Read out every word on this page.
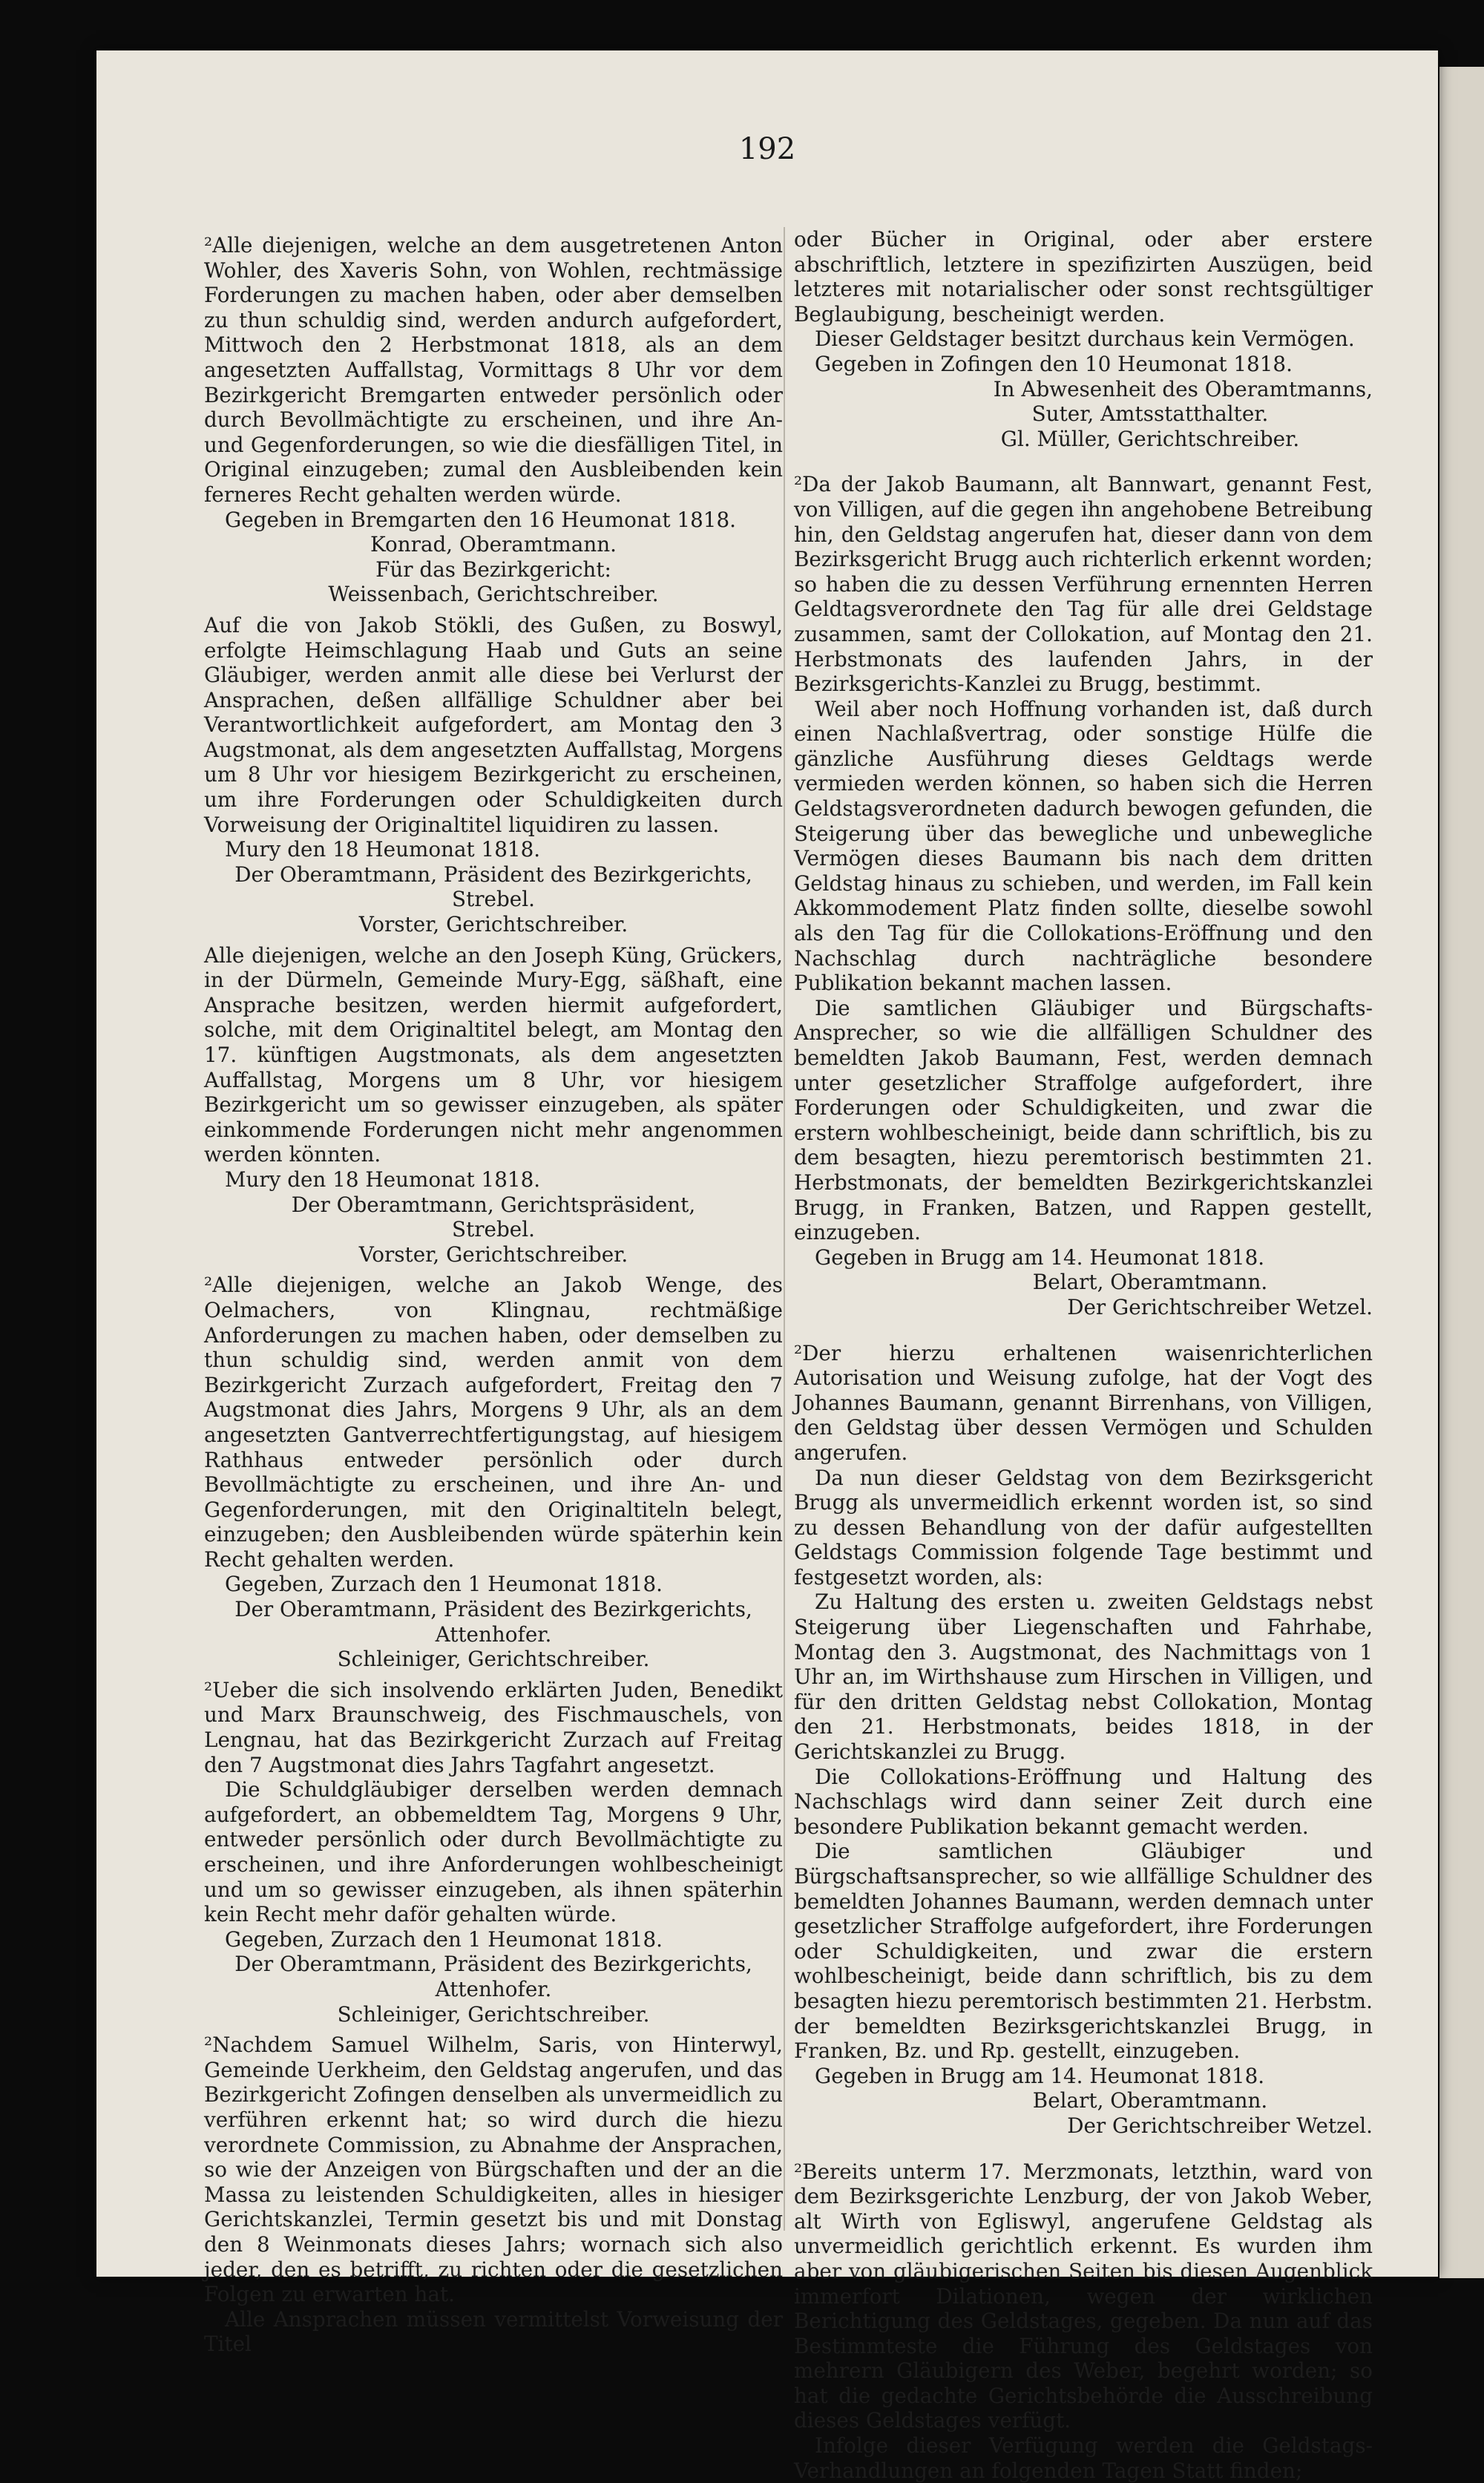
192

²Alle diejenigen, welche an dem ausgetretenen Anton Wohler, des Xaveris Sohn, von Wohlen, rechtmässige Forderungen zu machen haben, oder aber demselben zu thun schuldig sind, werden andurch aufgefordert, Mittwoch den 2 Herbstmonat 1818, als an dem angesetzten Auffallstag, Vormittags 8 Uhr vor dem Bezirkgericht Bremgarten entweder persönlich oder durch Bevollmächtigte zu erscheinen, und ihre An- und Gegenforderungen, so wie die diesfälligen Titel, in Original einzugeben; zumal den Ausbleibenden kein ferneres Recht gehalten werden würde.

Gegeben in Bremgarten den 16 Heumonat 1818.

Konrad, Oberamtmann.

Für das Bezirkgericht:

Weissenbach, Gerichtschreiber.

Auf die von Jakob Stökli, des Gußen, zu Boswyl, erfolgte Heimschlagung Haab und Guts an seine Gläubiger, werden anmit alle diese bei Verlurst der Ansprachen, deßen allfällige Schuldner aber bei Verantwortlichkeit aufgefordert, am Montag den 3 Augstmonat, als dem angesetzten Auffallstag, Morgens um 8 Uhr vor hiesigem Bezirkgericht zu erscheinen, um ihre Forderungen oder Schuldigkeiten durch Vorweisung der Originaltitel liquidiren zu lassen.

Mury den 18 Heumonat 1818.

Der Oberamtmann, Präsident des Bezirkgerichts,

Strebel.

Vorster, Gerichtschreiber.

Alle diejenigen, welche an den Joseph Küng, Grückers, in der Dürmeln, Gemeinde Mury-Egg, säßhaft, eine Ansprache besitzen, werden hiermit aufgefordert, solche, mit dem Originaltitel belegt, am Montag den 17. künftigen Augstmonats, als dem angesetzten Auffallstag, Morgens um 8 Uhr, vor hiesigem Bezirkgericht um so gewisser einzugeben, als später einkommende Forderungen nicht mehr angenommen werden könnten.

Mury den 18 Heumonat 1818.

Der Oberamtmann, Gerichtspräsident,

Strebel.

Vorster, Gerichtschreiber.

²Alle diejenigen, welche an Jakob Wenge, des Oelmachers, von Klingnau, rechtmäßige Anforderungen zu machen haben, oder demselben zu thun schuldig sind, werden anmit von dem Bezirkgericht Zurzach aufgefordert, Freitag den 7 Augstmonat dies Jahrs, Morgens 9 Uhr, als an dem angesetzten Gantverrechtfertigungstag, auf hiesigem Rathhaus entweder persönlich oder durch Bevollmächtigte zu erscheinen, und ihre An- und Gegenforderungen, mit den Originaltiteln belegt, einzugeben; den Ausbleibenden würde späterhin kein Recht gehalten werden.

Gegeben, Zurzach den 1 Heumonat 1818.

Der Oberamtmann, Präsident des Bezirkgerichts,

Attenhofer.

Schleiniger, Gerichtschreiber.

²Ueber die sich insolvendo erklärten Juden, Benedikt und Marx Braunschweig, des Fischmauschels, von Lengnau, hat das Bezirkgericht Zurzach auf Freitag den 7 Augstmonat dies Jahrs Tagfahrt angesetzt.

Die Schuldgläubiger derselben werden demnach aufgefordert, an obbemeldtem Tag, Morgens 9 Uhr, entweder persönlich oder durch Bevollmächtigte zu erscheinen, und ihre Anforderungen wohlbescheinigt und um so gewisser einzugeben, als ihnen späterhin kein Recht mehr daför gehalten würde.

Gegeben, Zurzach den 1 Heumonat 1818.

Der Oberamtmann, Präsident des Bezirkgerichts,

Attenhofer.

Schleiniger, Gerichtschreiber.

²Nachdem Samuel Wilhelm, Saris, von Hinterwyl, Gemeinde Uerkheim, den Geldstag angerufen, und das Bezirkgericht Zofingen denselben als unvermeidlich zu verführen erkennt hat; so wird durch die hiezu verordnete Commission, zu Abnahme der Ansprachen, so wie der Anzeigen von Bürgschaften und der an die Massa zu leistenden Schuldigkeiten, alles in hiesiger Gerichtskanzlei, Termin gesetzt bis und mit Donstag den 8 Weinmonats dieses Jahrs; wornach sich also jeder, den es betrifft, zu richten oder die gesetzlichen Folgen zu erwarten hat.

Alle Ansprachen müssen vermittelst Vorweisung der Titel

oder Bücher in Original, oder aber erstere abschriftlich, letztere in spezifizirten Auszügen, beid letzteres mit notarialischer oder sonst rechtsgültiger Beglaubigung, bescheinigt werden.

Dieser Geldstager besitzt durchaus kein Vermögen.

Gegeben in Zofingen den 10 Heumonat 1818.

In Abwesenheit des Oberamtmanns,

Suter, Amtsstatthalter.

Gl. Müller, Gerichtschreiber.

²Da der Jakob Baumann, alt Bannwart, genannt Fest, von Villigen, auf die gegen ihn angehobene Betreibung hin, den Geldstag angerufen hat, dieser dann von dem Bezirksgericht Brugg auch richterlich erkennt worden; so haben die zu dessen Verführung ernennten Herren Geldtagsverordnete den Tag für alle drei Geldstage zusammen, samt der Collokation, auf Montag den 21. Herbstmonats des laufenden Jahrs, in der Bezirksgerichts-Kanzlei zu Brugg, bestimmt.

Weil aber noch Hoffnung vorhanden ist, daß durch einen Nachlaßvertrag, oder sonstige Hülfe die gänzliche Ausführung dieses Geldtags werde vermieden werden können, so haben sich die Herren Geldstagsverordneten dadurch bewogen gefunden, die Steigerung über das bewegliche und unbewegliche Vermögen dieses Baumann bis nach dem dritten Geldstag hinaus zu schieben, und werden, im Fall kein Akkommodement Platz finden sollte, dieselbe sowohl als den Tag für die Collokations-Eröffnung und den Nachschlag durch nachträgliche besondere Publikation bekannt machen lassen.

Die samtlichen Gläubiger und Bürgschafts-Ansprecher, so wie die allfälligen Schuldner des bemeldten Jakob Baumann, Fest, werden demnach unter gesetzlicher Straffolge aufgefordert, ihre Forderungen oder Schuldigkeiten, und zwar die erstern wohlbescheinigt, beide dann schriftlich, bis zu dem besagten, hiezu peremtorisch bestimmten 21. Herbstmonats, der bemeldten Bezirkgerichtskanzlei Brugg, in Franken, Batzen, und Rappen gestellt, einzugeben.

Gegeben in Brugg am 14. Heumonat 1818.

Belart, Oberamtmann.

Der Gerichtschreiber Wetzel.

²Der hierzu erhaltenen waisenrichterlichen Autorisation und Weisung zufolge, hat der Vogt des Johannes Baumann, genannt Birrenhans, von Villigen, den Geldstag über dessen Vermögen und Schulden angerufen.

Da nun dieser Geldstag von dem Bezirksgericht Brugg als unvermeidlich erkennt worden ist, so sind zu dessen Behandlung von der dafür aufgestellten Geldstags Commission folgende Tage bestimmt und festgesetzt worden, als:

Zu Haltung des ersten u. zweiten Geldstags nebst Steigerung über Liegenschaften und Fahrhabe, Montag den 3. Augstmonat, des Nachmittags von 1 Uhr an, im Wirthshause zum Hirschen in Villigen, und für den dritten Geldstag nebst Collokation, Montag den 21. Herbstmonats, beides 1818, in der Gerichtskanzlei zu Brugg.

Die Collokations-Eröffnung und Haltung des Nachschlags wird dann seiner Zeit durch eine besondere Publikation bekannt gemacht werden.

Die samtlichen Gläubiger und Bürgschaftsansprecher, so wie allfällige Schuldner des bemeldten Johannes Baumann, werden demnach unter gesetzlicher Straffolge aufgefordert, ihre Forderungen oder Schuldigkeiten, und zwar die erstern wohlbescheinigt, beide dann schriftlich, bis zu dem besagten hiezu peremtorisch bestimmten 21. Herbstm. der bemeldten Bezirksgerichtskanzlei Brugg, in Franken, Bz. und Rp. gestellt, einzugeben.

Gegeben in Brugg am 14. Heumonat 1818.

Belart, Oberamtmann.

Der Gerichtschreiber Wetzel.

²Bereits unterm 17. Merzmonats, letzthin, ward von dem Bezirksgerichte Lenzburg, der von Jakob Weber, alt Wirth von Egliswyl, angerufene Geldstag als unvermeidlich gerichtlich erkennt. Es wurden ihm aber von gläubigerischen Seiten bis diesen Augenblick immerfort Dilationen, wegen der wirklichen Berichtigung des Geldstages, gegeben. Da nun auf das Bestimmteste die Führung des Geldstages von mehrern Gläubigern des Weber, begehrt worden; so hat die gedachte Gerichtsbehörde die Ausschreibung dieses Geldstages verfügt.

Infolge dieser Verfügung werden die Geldstags-Verhandlungen an folgenden Tagen Statt finden;
